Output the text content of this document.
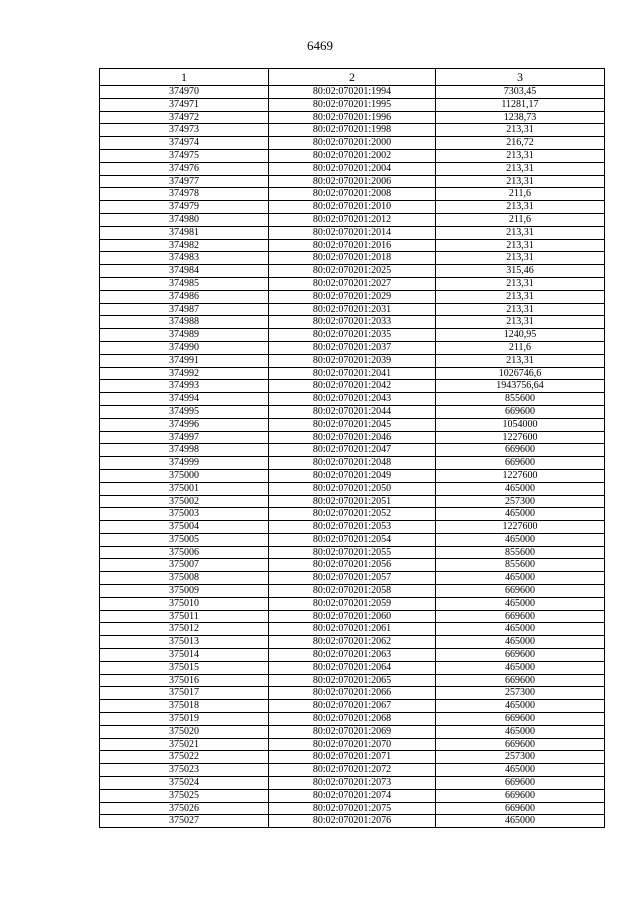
6469
1	2	3
374970	80:02:070201:1994	7303,45
374971	80:02:070201:1995	11281,17
374972	80:02:070201:1996	1238,73
374973	80:02:070201:1998	213,31
374974	80:02:070201:2000	216,72
374975	80:02:070201:2002	213,31
374976	80:02:070201:2004	213,31
374977	80:02:070201:2006	213,31
374978	80:02:070201:2008	211,6
374979	80:02:070201:2010	213,31
374980	80:02:070201:2012	211,6
374981	80:02:070201:2014	213,31
374982	80:02:070201:2016	213,31
374983	80:02:070201:2018	213,31
374984	80:02:070201:2025	315,46
374985	80:02:070201:2027	213,31
374986	80:02:070201:2029	213,31
374987	80:02:070201:2031	213,31
374988	80:02:070201:2033	213,31
374989	80:02:070201:2035	1240,95
374990	80:02:070201:2037	211,6
374991	80:02:070201:2039	213,31
374992	80:02:070201:2041	1026746,6
374993	80:02:070201:2042	1943756,64
374994	80:02:070201:2043	855600
374995	80:02:070201:2044	669600
374996	80:02:070201:2045	1054000
374997	80:02:070201:2046	1227600
374998	80:02:070201:2047	669600
374999	80:02:070201:2048	669600
375000	80:02:070201:2049	1227600
375001	80:02:070201:2050	465000
375002	80:02:070201:2051	257300
375003	80:02:070201:2052	465000
375004	80:02:070201:2053	1227600
375005	80:02:070201:2054	465000
375006	80:02:070201:2055	855600
375007	80:02:070201:2056	855600
375008	80:02:070201:2057	465000
375009	80:02:070201:2058	669600
375010	80:02:070201:2059	465000
375011	80:02:070201:2060	669600
375012	80:02:070201:2061	465000
375013	80:02:070201:2062	465000
375014	80:02:070201:2063	669600
375015	80:02:070201:2064	465000
375016	80:02:070201:2065	669600
375017	80:02:070201:2066	257300
375018	80:02:070201:2067	465000
375019	80:02:070201:2068	669600
375020	80:02:070201:2069	465000
375021	80:02:070201:2070	669600
375022	80:02:070201:2071	257300
375023	80:02:070201:2072	465000
375024	80:02:070201:2073	669600
375025	80:02:070201:2074	669600
375026	80:02:070201:2075	669600
375027	80:02:070201:2076	465000
